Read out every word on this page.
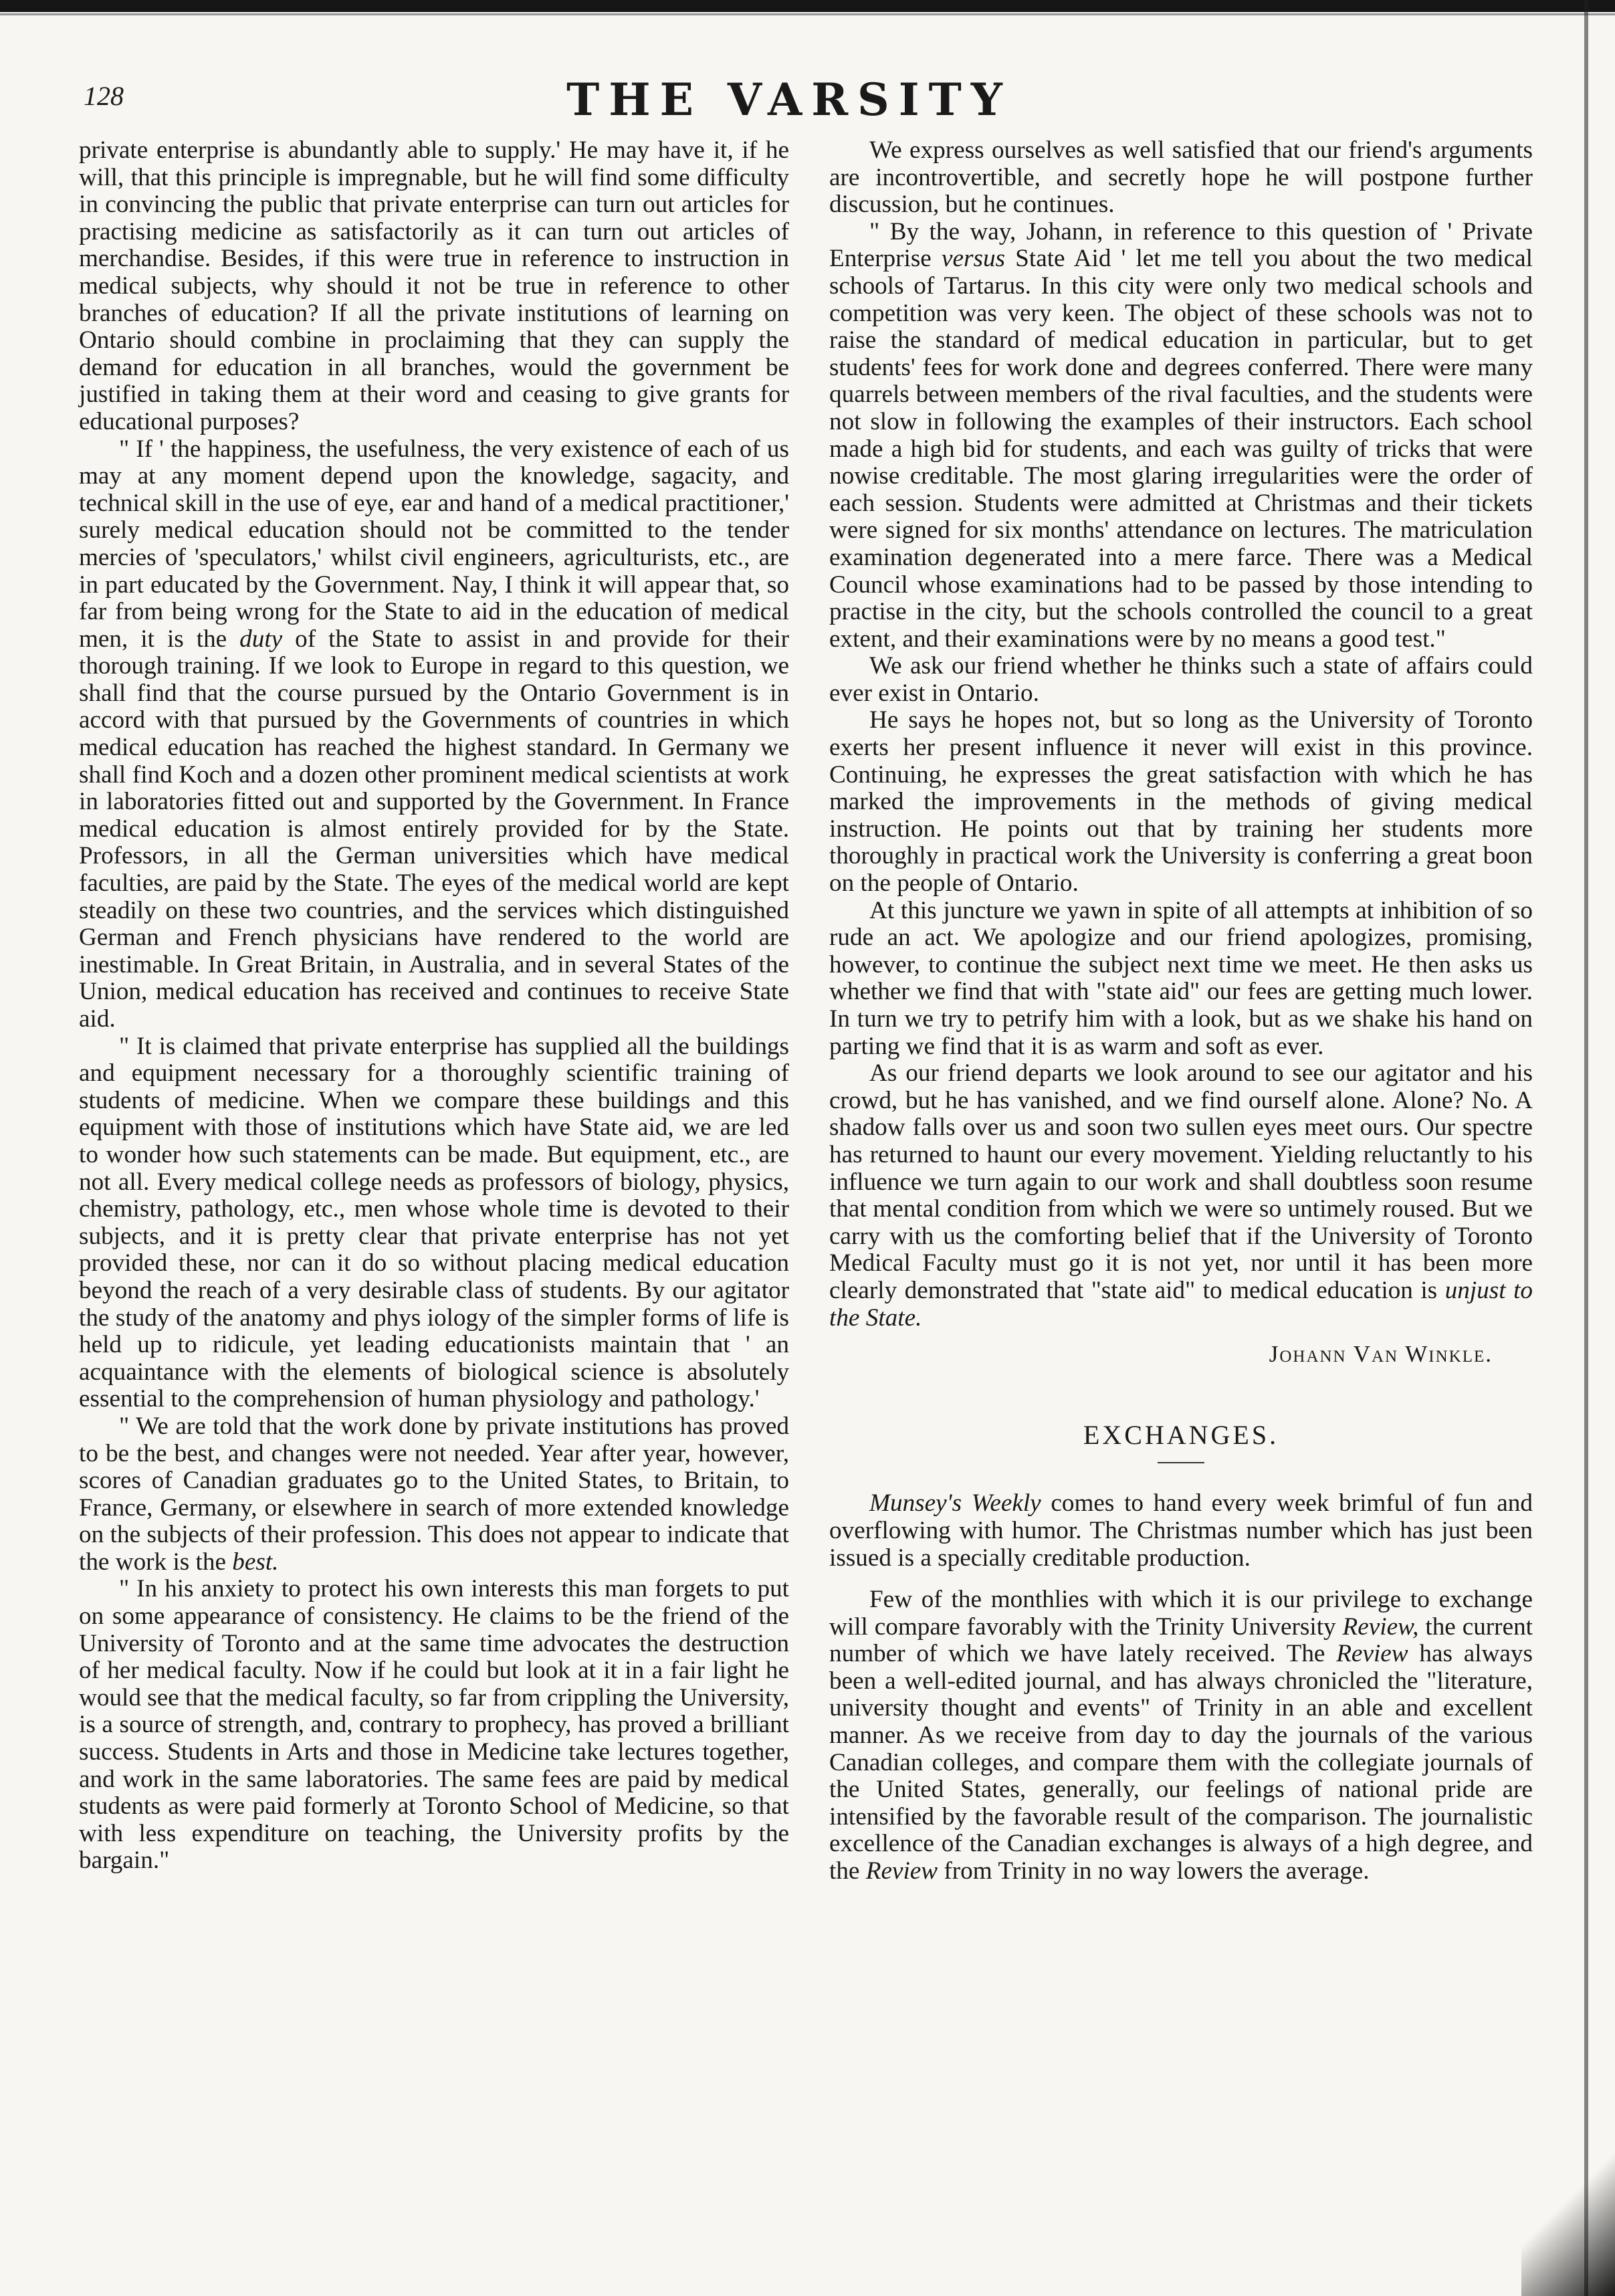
128	THE VARSITY

private enterprise is abundantly able to supply.' He may have it, if he will, that this principle is impregnable, but he will find some difficulty in convincing the public that private enterprise can turn out articles for practising medicine as satisfactorily as it can turn out articles of merchandise. Besides, if this were true in reference to instruction in medical subjects, why should it not be true in reference to other branches of education? If all the private institutions of learning on Ontario should combine in proclaiming that they can supply the demand for education in all branches, would the government be justified in taking them at their word and ceasing to give grants for educational purposes?

" If ' the happiness, the usefulness, the very existence of each of us may at any moment depend upon the knowledge, sagacity, and technical skill in the use of eye, ear and hand of a medical practitioner,' surely medical education should not be committed to the tender mercies of 'speculators,' whilst civil engineers, agriculturists, etc., are in part educated by the Government. Nay, I think it will appear that, so far from being wrong for the State to aid in the education of medical men, it is the duty of the State to assist in and provide for their thorough training. If we look to Europe in regard to this question, we shall find that the course pursued by the Ontario Government is in accord with that pursued by the Governments of countries in which medical education has reached the highest standard. In Germany we shall find Koch and a dozen other prominent medical scientists at work in laboratories fitted out and supported by the Government. In France medical education is almost entirely provided for by the State. Professors, in all the German universities which have medical faculties, are paid by the State. The eyes of the medical world are kept steadily on these two countries, and the services which distinguished German and French physicians have rendered to the world are inestimable. In Great Britain, in Australia, and in several States of the Union, medical education has received and continues to receive State aid.

" It is claimed that private enterprise has supplied all the buildings and equipment necessary for a thoroughly scientific training of students of medicine. When we compare these buildings and this equipment with those of institutions which have State aid, we are led to wonder how such statements can be made. But equipment, etc., are not all. Every medical college needs as professors of biology, physics, chemistry, pathology, etc., men whose whole time is devoted to their subjects, and it is pretty clear that private enterprise has not yet provided these, nor can it do so without placing medical education beyond the reach of a very desirable class of students. By our agitator the study of the anatomy and phys iology of the simpler forms of life is held up to ridicule, yet leading educationists maintain that ' an acquaintance with the elements of biological science is absolutely essential to the comprehension of human physiology and pathology.'

" We are told that the work done by private institutions has proved to be the best, and changes were not needed. Year after year, however, scores of Canadian graduates go to the United States, to Britain, to France, Germany, or elsewhere in search of more extended knowledge on the subjects of their profession. This does not appear to indicate that the work is the best.

" In his anxiety to protect his own interests this man forgets to put on some appearance of consistency. He claims to be the friend of the University of Toronto and at the same time advocates the destruction of her medical faculty. Now if he could but look at it in a fair light he would see that the medical faculty, so far from crippling the University, is a source of strength, and, contrary to prophecy, has proved a brilliant success. Students in Arts and those in Medicine take lectures together, and work in the same laboratories. The same fees are paid by medical students as were paid formerly at Toronto School of Medicine, so that with less expenditure on teaching, the University profits by the bargain."

We express ourselves as well satisfied that our friend's arguments are incontrovertible, and secretly hope he will postpone further discussion, but he continues.

" By the way, Johann, in reference to this question of ' Private Enterprise versus State Aid ' let me tell you about the two medical schools of Tartarus. In this city were only two medical schools and competition was very keen. The object of these schools was not to raise the standard of medical education in particular, but to get students' fees for work done and degrees conferred. There were many quarrels between members of the rival faculties, and the students were not slow in following the examples of their instructors. Each school made a high bid for students, and each was guilty of tricks that were nowise creditable. The most glaring irregularities were the order of each session. Students were admitted at Christmas and their tickets were signed for six months' attendance on lectures. The matriculation examination degenerated into a mere farce. There was a Medical Council whose examinations had to be passed by those intending to practise in the city, but the schools controlled the council to a great extent, and their examinations were by no means a good test."

We ask our friend whether he thinks such a state of affairs could ever exist in Ontario.

He says he hopes not, but so long as the University of Toronto exerts her present influence it never will exist in this province. Continuing, he expresses the great satisfaction with which he has marked the improvements in the methods of giving medical instruction. He points out that by training her students more thoroughly in practical work the University is conferring a great boon on the people of Ontario.

At this juncture we yawn in spite of all attempts at inhibition of so rude an act. We apologize and our friend apologizes, promising, however, to continue the subject next time we meet. He then asks us whether we find that with "state aid" our fees are getting much lower. In turn we try to petrify him with a look, but as we shake his hand on parting we find that it is as warm and soft as ever.

As our friend departs we look around to see our agitator and his crowd, but he has vanished, and we find ourself alone. Alone? No. A shadow falls over us and soon two sullen eyes meet ours. Our spectre has returned to haunt our every movement. Yielding reluctantly to his influence we turn again to our work and shall doubtless soon resume that mental condition from which we were so untimely roused. But we carry with us the comforting belief that if the University of Toronto Medical Faculty must go it is not yet, nor until it has been more clearly demonstrated that "state aid" to medical education is unjust to the State.

Johann Van Winkle.
EXCHANGES.

Munsey's Weekly comes to hand every week brimful of fun and overflowing with humor. The Christmas number which has just been issued is a specially creditable production.

Few of the monthlies with which it is our privilege to exchange will compare favorably with the Trinity University Review, the current number of which we have lately received. The Review has always been a well-edited journal, and has always chronicled the "literature, university thought and events" of Trinity in an able and excellent manner. As we receive from day to day the journals of the various Canadian colleges, and compare them with the collegiate journals of the United States, generally, our feelings of national pride are intensified by the favorable result of the comparison. The journalistic excellence of the Canadian exchanges is always of a high degree, and the Review from Trinity in no way lowers the average.
